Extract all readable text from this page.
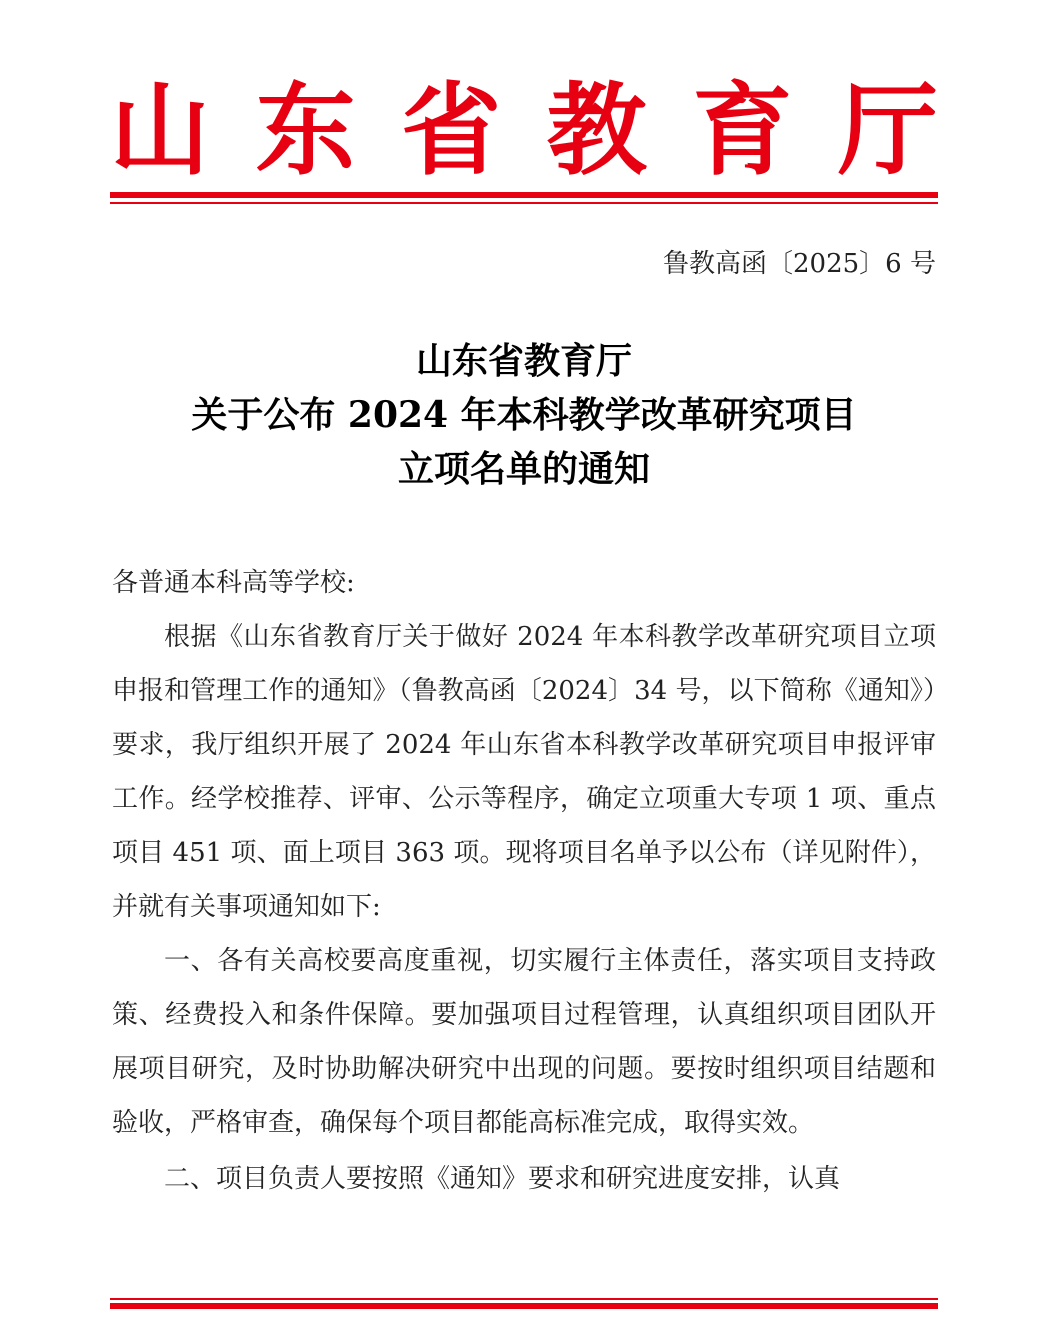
山 东 省 教 育 厅
鲁教高函〔2025〕6 号
山东省教育厅
关于公布 2024 年本科教学改革研究项目
立项名单的通知

各普通本科高等学校:

根据《山东省教育厅关于做好 2024 年本科教学改革研究项目立项申报和管理工作的通知》（鲁教高函〔2024〕34 号，以下简称《通知》）要求，我厅组织开展了 2024 年山东省本科教学改革研究项目申报评审工作。经学校推荐、评审、公示等程序，确定立项重大专项 1 项、重点项目 451 项、面上项目 363 项。现将项目名单予以公布（详见附件），并就有关事项通知如下:

一、各有关高校要高度重视，切实履行主体责任，落实项目支持政策、经费投入和条件保障。要加强项目过程管理，认真组织项目团队开展项目研究，及时协助解决研究中出现的问题。要按时组织项目结题和验收，严格审查，确保每个项目都能高标准完成，取得实效。

二、项目负责人要按照《通知》要求和研究进度安排，认真
